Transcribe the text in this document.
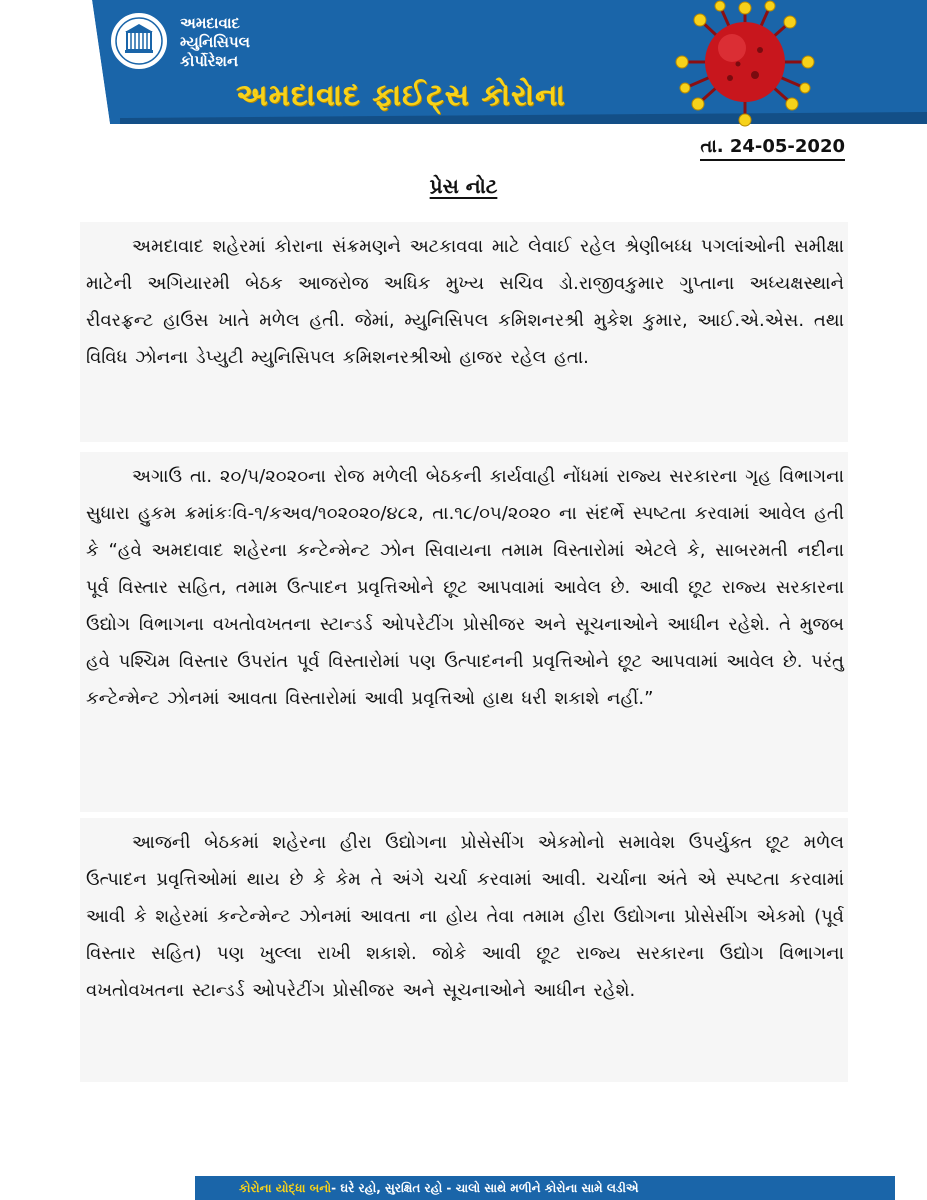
અમદાવાદ
મ્યુનિસિપલ
કોર્પોરેશન
અમદાવાદ ફાઈટ્સ કોરોના
તા. 24-05-2020
પ્રેસ નોટ

અમદાવાદ શહેરમાં કોરાના સંક્રમણને અટકાવવા માટે લેવાઈ રહેલ શ્રેણીબધ્ધ પગલાંઓની સમીક્ષા માટેની અગિયારમી બેઠક આજરોજ અધિક મુખ્ય સચિવ ડો.રાજીવકુમાર ગુપ્તાના અધ્યક્ષસ્થાને રીવરફ્રન્ટ હાઉસ ખાતે મળેલ હતી. જેમાં, મ્યુનિસિપલ કમિશનરશ્રી મુકેશ કુમાર, આઈ.એ.એસ. તથા વિવિધ ઝોનના ડેપ્યુટી મ્યુનિસિપલ કમિશનરશ્રીઓ હાજર રહેલ હતા.

અગાઉ તા. ૨૦/૫/૨૦૨૦ના રોજ મળેલી બેઠકની કાર્યવાહી નોંધમાં રાજ્ય સરકારના ગૃહ વિભાગના સુધારા હુકમ ક્રમાંકઃવિ-૧/કઅવ/૧૦૨૦૨૦/૪૮૨, તા.૧૮/૦૫/૨૦૨૦ ના સંદર્ભે સ્પષ્ટતા કરવામાં આવેલ હતી કે “હવે અમદાવાદ શહેરના કન્ટેન્મેન્ટ ઝોન સિવાયના તમામ વિસ્તારોમાં એટલે કે, સાબરમતી નદીના પૂર્વ વિસ્તાર સહિત, તમામ ઉત્પાદન પ્રવૃત્તિઓને છૂટ આપવામાં આવેલ છે. આવી છૂટ રાજ્ય સરકારના ઉદ્યોગ વિભાગના વખતોવખતના સ્ટાન્ડર્ડ ઓપરેટીંગ પ્રોસીજર અને સૂચનાઓને આધીન રહેશે. તે મુજબ હવે પશ્ચિમ વિસ્તાર ઉપરાંત પૂર્વ વિસ્તારોમાં પણ ઉત્પાદનની પ્રવૃત્તિઓને છૂટ આપવામાં આવેલ છે. પરંતુ કન્ટેન્મેન્ટ ઝોનમાં આવતા વિસ્તારોમાં આવી પ્રવૃત્તિઓ હાથ ધરી શકાશે નહીં.”

આજની બેઠકમાં શહેરના હીરા ઉદ્યોગના પ્રોસેસીંગ એકમોનો સમાવેશ ઉપર્યુક્ત છૂટ મળેલ ઉત્પાદન પ્રવૃત્તિઓમાં થાય છે કે કેમ તે અંગે ચર્ચા કરવામાં આવી. ચર્ચાના અંતે એ સ્પષ્ટતા કરવામાં આવી કે શહેરમાં કન્ટેન્મેન્ટ ઝોનમાં આવતા ના હોય તેવા તમામ હીરા ઉદ્યોગના પ્રોસેસીંગ એકમો (પૂર્વ વિસ્તાર સહિત) પણ ખુલ્લા રાખી શકાશે. જોકે આવી છૂટ રાજ્ય સરકારના ઉદ્યોગ વિભાગના વખતોવખતના સ્ટાન્ડર્ડ ઓપરેટીંગ પ્રોસીજર અને સૂચનાઓને આધીન રહેશે.

કોરોના યોદ્ધા બનો - ઘરે રહો, સુરક્ષિત રહો - ચાલો સાથે મળીને કોરોના સામે લડીએ
